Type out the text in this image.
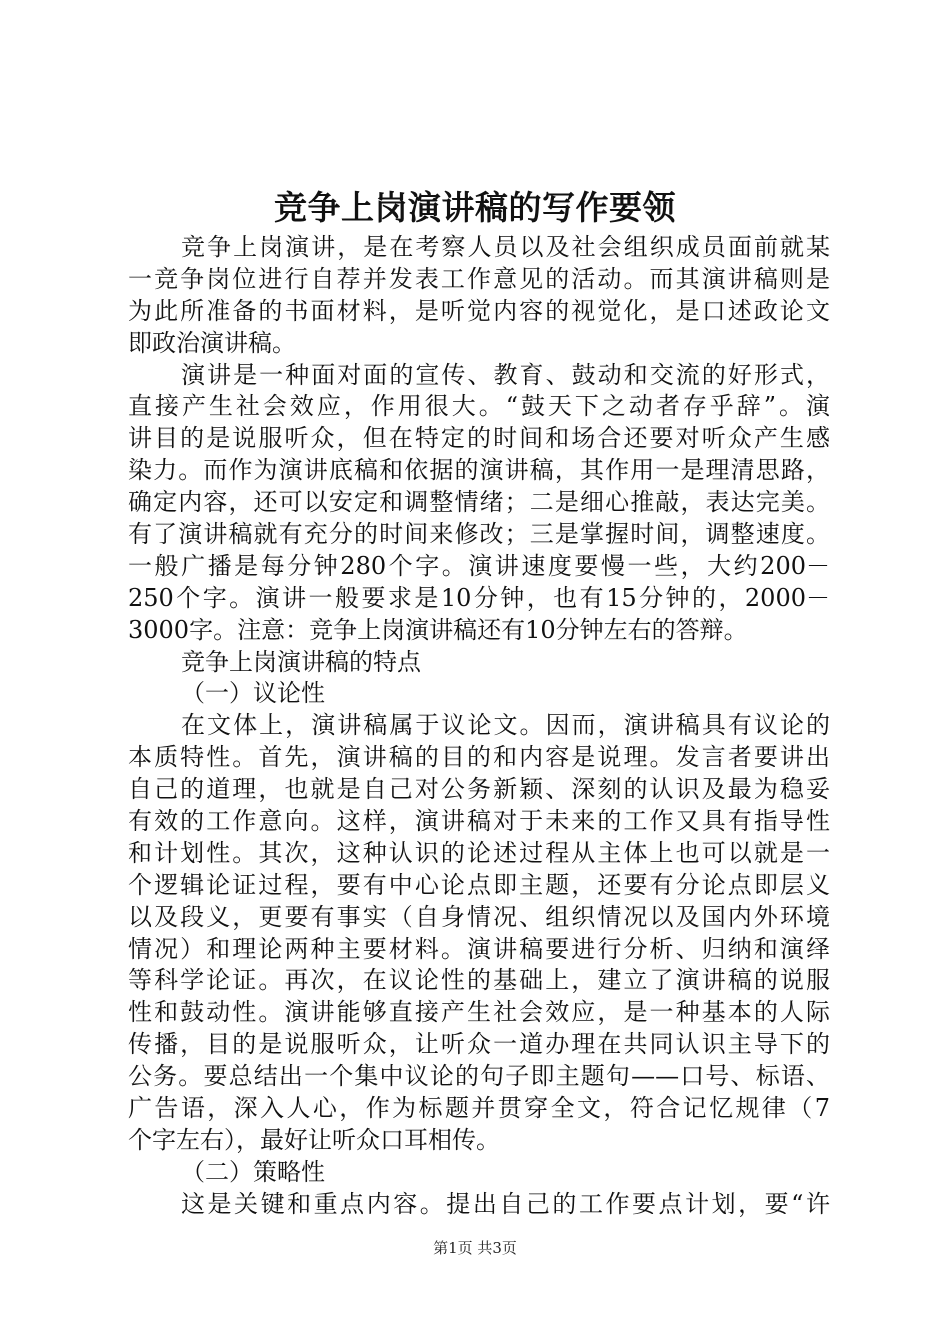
竞争上岗演讲稿的写作要领
竞争上岗演讲，是在考察人员以及社会组织成员面前就某
一竞争岗位进行自荐并发表工作意见的活动。而其演讲稿则是
为此所准备的书面材料，是听觉内容的视觉化，是口述政论文
即政治演讲稿。
演讲是一种面对面的宣传、教育、鼓动和交流的好形式，
直接产生社会效应，作用很大。“鼓天下之动者存乎辞”。演
讲目的是说服听众，但在特定的时间和场合还要对听众产生感
染力。而作为演讲底稿和依据的演讲稿，其作用一是理清思路，
确定内容，还可以安定和调整情绪；二是细心推敲，表达完美。
有了演讲稿就有充分的时间来修改；三是掌握时间，调整速度。
一般广播是每分钟280个字。演讲速度要慢一些，大约200－
250个字。演讲一般要求是10分钟，也有15分钟的，2000－
3000字。注意：竞争上岗演讲稿还有10分钟左右的答辩。
竞争上岗演讲稿的特点
（一）议论性
在文体上，演讲稿属于议论文。因而，演讲稿具有议论的
本质特性。首先，演讲稿的目的和内容是说理。发言者要讲出
自己的道理，也就是自己对公务新颖、深刻的认识及最为稳妥
有效的工作意向。这样，演讲稿对于未来的工作又具有指导性
和计划性。其次，这种认识的论述过程从主体上也可以就是一
个逻辑论证过程，要有中心论点即主题，还要有分论点即层义
以及段义，更要有事实（自身情况、组织情况以及国内外环境
情况）和理论两种主要材料。演讲稿要进行分析、归纳和演绎
等科学论证。再次，在议论性的基础上，建立了演讲稿的说服
性和鼓动性。演讲能够直接产生社会效应，是一种基本的人际
传播，目的是说服听众，让听众一道办理在共同认识主导下的
公务。要总结出一个集中议论的句子即主题句——口号、标语、
广告语，深入人心，作为标题并贯穿全文，符合记忆规律（7
个字左右），最好让听众口耳相传。
（二）策略性
这是关键和重点内容。提出自己的工作要点计划，要“许
第1页 共3页
